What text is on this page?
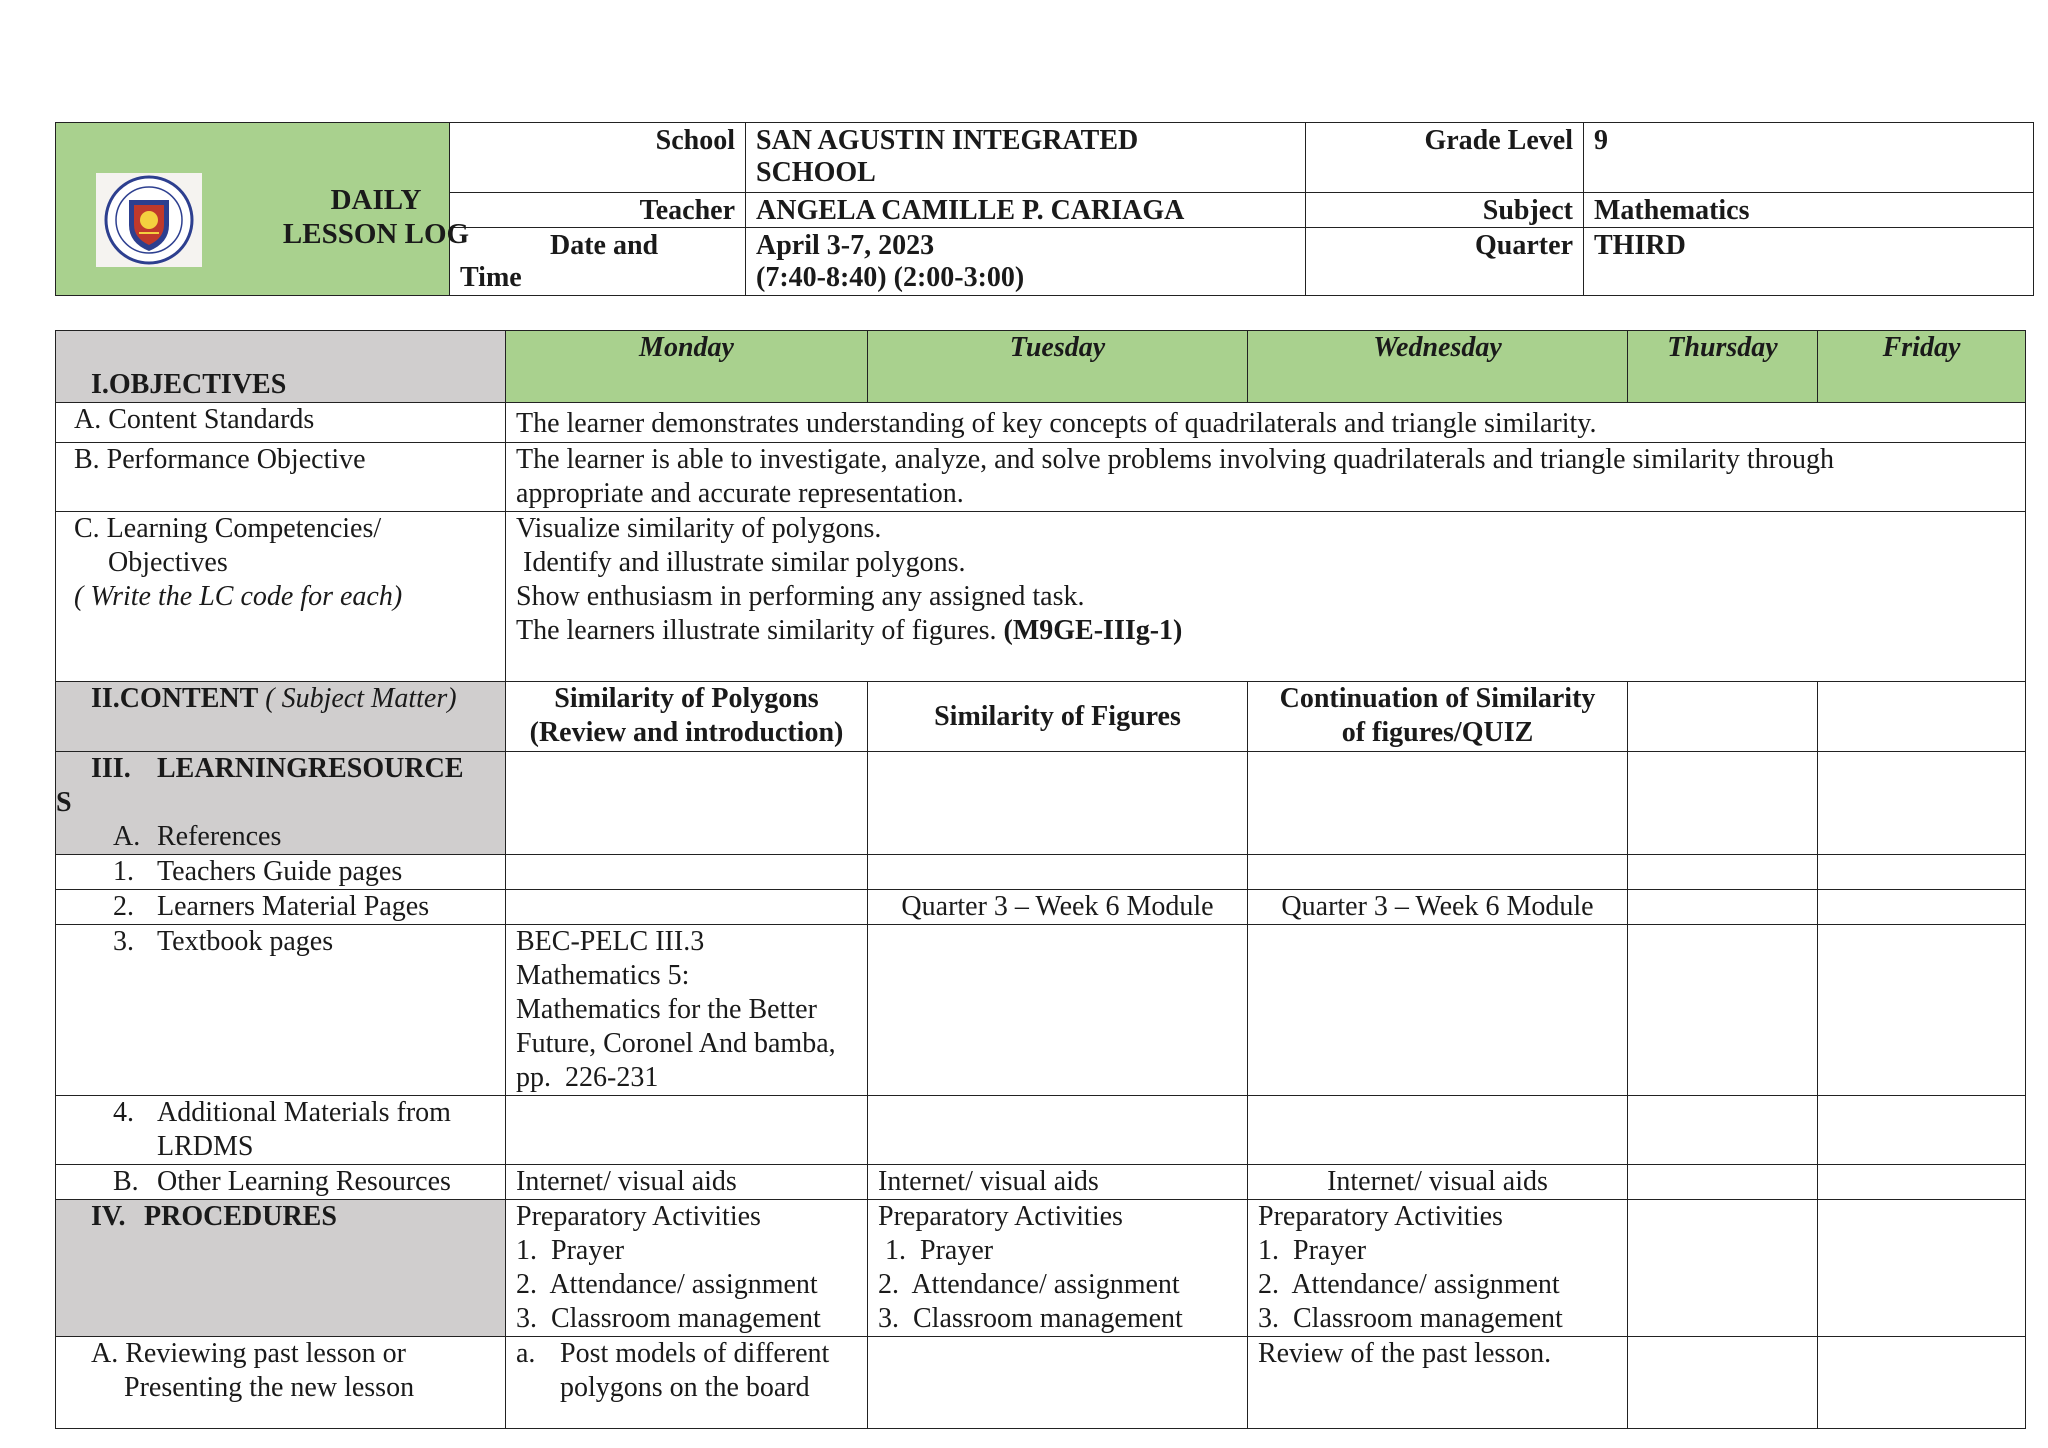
DAILY
LESSON LOG	School	SAN AGUSTIN INTEGRATED
SCHOOL	Grade Level	9
	Teacher	ANGELA CAMILLE P. CARIAGA	Subject	Mathematics

	Date and
Time	April 3-7, 2023
(7:40-8:40) (2:00-3:00)	Quarter	THIRD
I.OBJECTIVES	Monday	Tuesday	Wednesday	Thursday	Friday
A. Content Standards	The learner demonstrates understanding of key concepts of quadrilaterals and triangle similarity.				
B. Performance Objective	The learner is able to investigate, analyze, and solve problems involving quadrilaterals and triangle similarity through
appropriate and accurate representation.				

C. Learning Competencies/
Objectives
( Write the LC code for each)	Visualize similarity of polygons.
Identify and illustrate similar polygons.
Show enthusiasm in performing any assigned task.
The learners illustrate similarity of figures. (M9GE-IIIg-1)				

II.CONTENT ( Subject Matter)	Similarity of Polygons
(Review and introduction)	Similarity of Figures	Continuation of Similarity
of figures/QUIZ		

III. LEARNINGRESOURCE
S
A. References					

1. Teachers Guide pages					
2. Learners Material Pages		Quarter 3 – Week 6 Module	Quarter 3 – Week 6 Module		
3. Textbook pages	BEC-PELC III.3
Mathematics 5:
Mathematics for the Better
Future, Coronel And bamba,
pp.  226-231				

4. Additional Materials from
LRDMS					

B. Other Learning Resources	Internet/ visual aids	Internet/ visual aids	Internet/ visual aids		
IV. PROCEDURES	Preparatory Activities
1.  Prayer
2.  Attendance/ assignment
3.  Classroom management	Preparatory Activities
1.  Prayer
2.  Attendance/ assignment
3.  Classroom management	Preparatory Activities
1.  Prayer
2.  Attendance/ assignment
3.  Classroom management		

A. Reviewing past lesson or
Presenting the new lesson	a. Post models of different
polygons on the board		Review of the past lesson.		
